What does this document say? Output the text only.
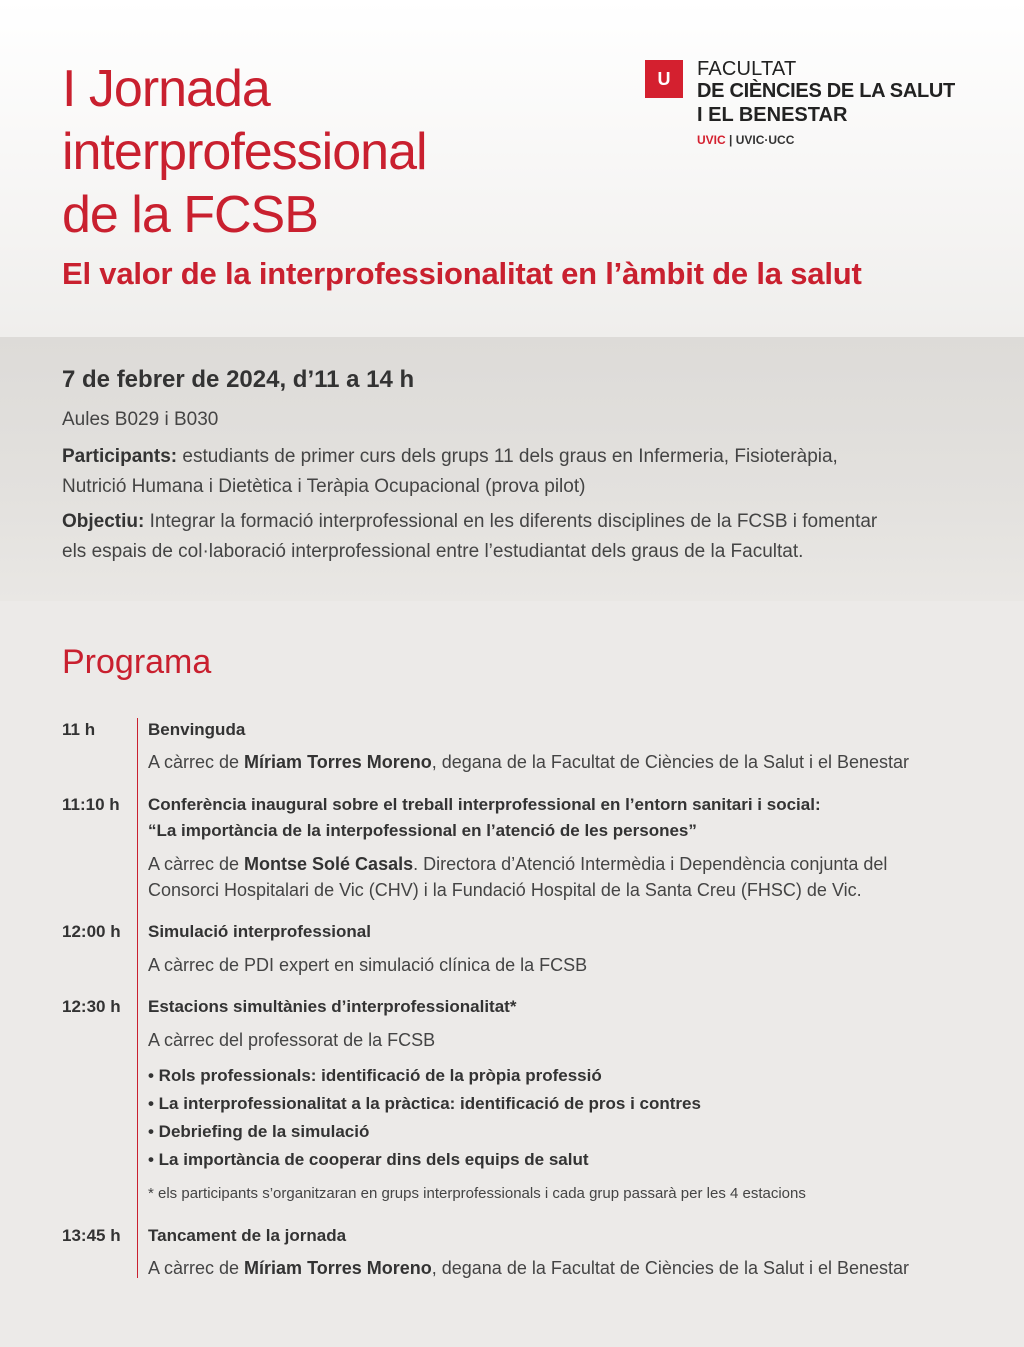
I Jornada
interprofessional
de la FCSB
El valor de la interprofessionalitat en l’àmbit de la salut
U	FACULTAT
DE CIÈNCIES DE LA SALUT
I EL BENESTAR
UVIC | UVIC·UCC
7 de febrer de 2024, d’11 a 14 h
Aules B029 i B030

Participants: estudiants de primer curs dels grups 11 dels graus en Infermeria, Fisioteràpia,
Nutrició Humana i Dietètica i Teràpia Ocupacional (prova pilot)

Objectiu: Integrar la formació interprofessional en les diferents disciplines de la FCSB i fomentar
els espais de col·laboració interprofessional entre l’estudiantat dels graus de la Facultat.

Programa
11 h	Benvinguda
A càrrec de Míriam Torres Moreno, degana de la Facultat de Ciències de la Salut i el Benestar
11:10 h Conferència inaugural sobre el treball interprofessional en l’entorn sanitari i social:
“La importància de la interpofessional en l’atenció de les persones”
A càrrec de Montse Solé Casals. Directora d’Atenció Intermèdia i Dependència conjunta del
Consorci Hospitalari de Vic (CHV) i la Fundació Hospital de la Santa Creu (FHSC) de Vic.
12:00 h Simulació interprofessional
A càrrec de PDI expert en simulació clínica de la FCSB
12:30 h Estacions simultànies d’interprofessionalitat*
A càrrec del professorat de la FCSB
• Rols professionals: identificació de la pròpia professió
• La interprofessionalitat a la pràctica: identificació de pros i contres
• Debriefing de la simulació
• La importància de cooperar dins dels equips de salut
* els participants s’organitzaran en grups interprofessionals i cada grup passarà per les 4 estacions
13:45 h Tancament de la jornada
A càrrec de Míriam Torres Moreno, degana de la Facultat de Ciències de la Salut i el Benestar
